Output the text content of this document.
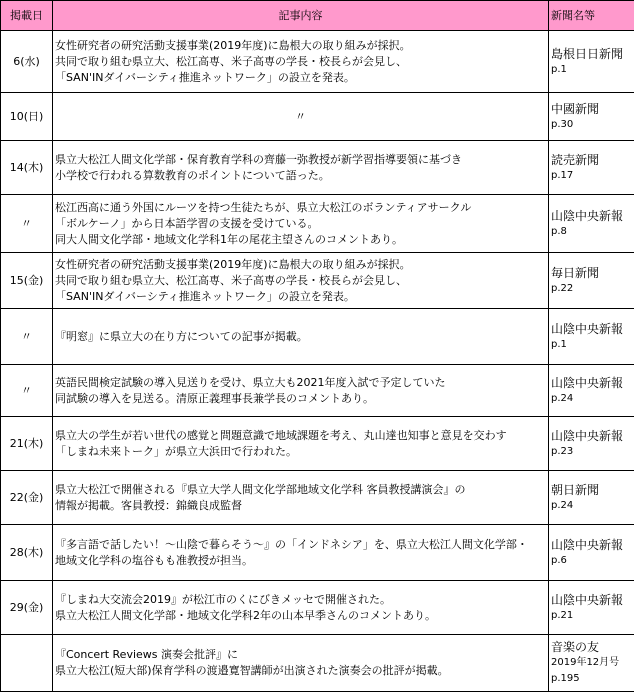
掲載日	記事内容	新聞名等
6(水)	女性研究者の研究活動支援事業(2019年度)に島根大の取り組みが採択。
共同で取り組む県立大、松江高専、米子高専の学長・校長らが会見し、
「SAN'INダイバーシティ推進ネットワーク」の設立を発表。	島根日日新聞
p.1

10(日)	〃	中國新聞
p.30

14(木)	県立大松江人間文化学部・保育教育学科の齊藤一弥教授が新学習指導要領に基づき
小学校で行われる算数教育のポイントについて語った。	読売新聞
p.17

〃	松江西高に通う外国にルーツを持つ生徒たちが、県立大松江のボランティアサークル
「ボルケーノ」から日本語学習の支援を受けている。
同大人間文化学部・地域文化学科1年の尾花主望さんのコメントあり。	山陰中央新報
p.8

15(金)	女性研究者の研究活動支援事業(2019年度)に島根大の取り組みが採択。
共同で取り組む県立大、松江高専、米子高専の学長・校長らが会見し、
「SAN'INダイバーシティ推進ネットワーク」の設立を発表。	毎日新聞
p.22

〃	『明窓』に県立大の在り方についての記事が掲載。	山陰中央新報
p.1

〃	英語民間検定試験の導入見送りを受け、県立大も2021年度入試で予定していた
同試験の導入を見送る。清原正義理事長兼学長のコメントあり。	山陰中央新報
p.24

21(木)	県立大の学生が若い世代の感覚と問題意識で地域課題を考え、丸山達也知事と意見を交わす
「しまね未来トーク」が県立大浜田で行われた。	山陰中央新報
p.23

22(金)	県立大松江で開催される『県立大学人間文化学部地域文化学科 客員教授講演会』の
情報が掲載。客員教授：錦織良成監督	朝日新聞
p.24

28(木)	『多言語で話したい！～山陰で暮らそう～』の「インドネシア」を、県立大松江人間文化学部・
地域文化学科の塩谷もも准教授が担当。	山陰中央新報
p.6

29(金)	『しまね大交流会2019』が松江市のくにびきメッセで開催された。
県立大松江人間文化学部・地域文化学科2年の山本早季さんのコメントあり。	山陰中央新報
p.21

	『Concert Reviews 演奏会批評』に
県立大松江(短大部)保育学科の渡邉寛智講師が出演された演奏会の批評が掲載。	音楽の友
2019年12月号
p.195
